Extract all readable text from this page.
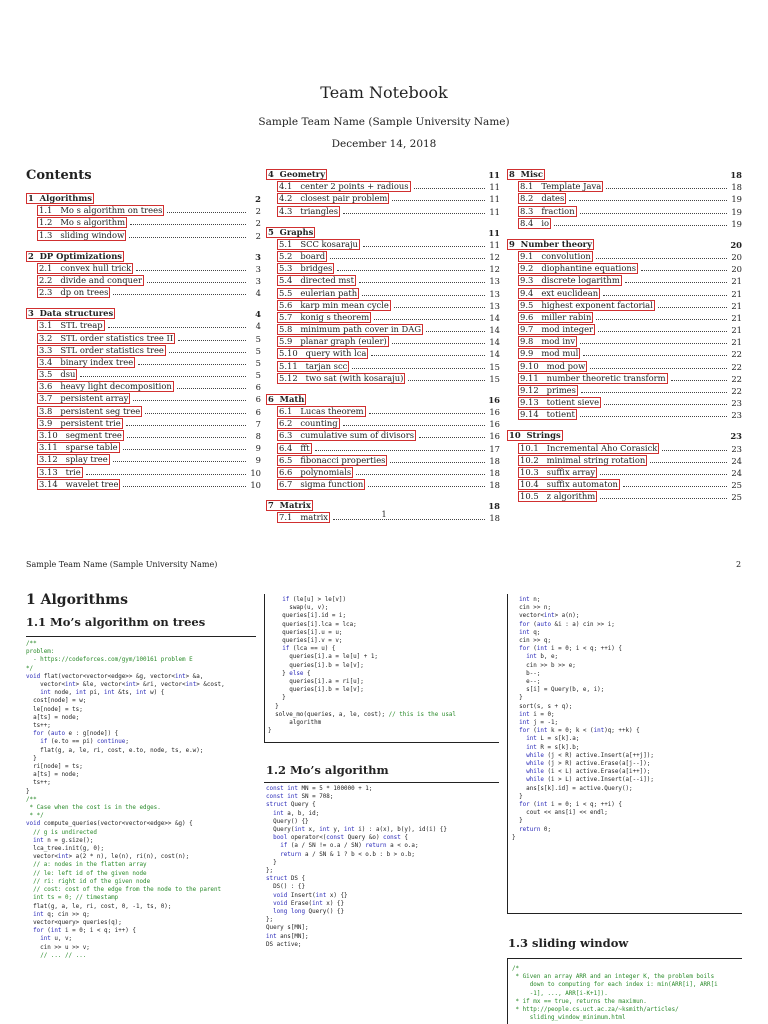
Team Notebook
Sample Team Name (Sample University Name)
December 14, 2018
Contents
1 Algorithms	2
1.1 Mo s algorithm on trees	2
1.2 Mo s algorithm	2
1.3 sliding window	2
2 DP Optimizations	3
2.1 convex hull trick	3
2.2 divide and conquer	3
2.3 dp on trees	4
3 Data structures	4
3.1 STL treap	4
3.2 STL order statistics tree II	5
3.3 STL order statistics tree	5
3.4 binary index tree	5
3.5 dsu	5
3.6 heavy light decomposition	6
3.7 persistent array	6
3.8 persistent seg tree	6
3.9 persistent trie	7
3.10 segment tree	8
3.11 sparse table	9
3.12 splay tree	9
3.13 trie	10
3.14 wavelet tree	10
4 Geometry	11
4.1 center 2 points + radious	11
4.2 closest pair problem	11
4.3 triangles	11
5 Graphs	11
5.1 SCC kosaraju	11
5.2 board	12
5.3 bridges	12
5.4 directed mst	13
5.5 eulerian path	13
5.6 karp min mean cycle	13
5.7 konig s theorem	14
5.8 minimum path cover in DAG	14
5.9 planar graph (euler)	14
5.10 query with lca	14
5.11 tarjan scc	15
5.12 two sat (with kosaraju)	15
6 Math	16
6.1 Lucas theorem	16
6.2 counting	16
6.3 cumulative sum of divisors	16
6.4 fft	17
6.5 fibonacci properties	18
6.6 polynomials	18
6.7 sigma function	18
7 Matrix	18
7.1 matrix	18
8 Misc	18
8.1 Template Java	18
8.2 dates	19
8.3 fraction	19
8.4 io	19
9 Number theory	20
9.1 convolution	20
9.2 diophantine equations	20
9.3 discrete logarithm	21
9.4 ext euclidean	21
9.5 highest exponent factorial	21
9.6 miller rabin	21
9.7 mod integer	21
9.8 mod inv	21
9.9 mod mul	22
9.10 mod pow	22
9.11 number theoretic transform	22
9.12 primes	22
9.13 totient sieve	23
9.14 totient	23
10 Strings	23
10.1 Incremental Aho Corasick	23
10.2 minimal string rotation	24
10.3 suffix array	24
10.4 suffix automaton	25
10.5 z algorithm	25
1
Sample Team Name (Sample University Name)	2
1 Algorithms
1.1 Mo’s algorithm on trees
/**
problem:
- https://codeforces.com/gym/100161 problem E
*/
void flat(vector<vector<edge>> &g, vector<int> &a,
vector<int> &le, vector<int> &ri, vector<int> &cost,
int node, int pi, int &ts, int w) {
cost[node] = w;
le[node] = ts;
a[ts] = node;
ts++;
for (auto e : g[node]) {
if (e.to == pi) continue;
flat(g, a, le, ri, cost, e.to, node, ts, e.w);
}
ri[node] = ts;
a[ts] = node;
ts++;
}
/**
* Case when the cost is in the edges.
* */
void compute_queries(vector<vector<edge>> &g) {
// g is undirected
int n = g.size();
lca_tree.init(g, 0);
vector<int> a(2 * n), le(n), ri(n), cost(n);
// a: nodes in the flatten array
// le: left id of the given node
// ri: right id of the given node
// cost: cost of the edge from the node to the parent
int ts = 0; // timestamp
flat(g, a, le, ri, cost, 0, -1, ts, 0);
int q; cin >> q;
vector<query> queries(q);
for (int i = 0; i < q; i++) {
int u, v;
cin >> u >> v;
// ... // ...
if (le[u] > le[v])
swap(u, v);
queries[i].id = i;
queries[i].lca = lca;
queries[i].u = u;
queries[i].v = v;
if (lca == u) {
queries[i].a = le[u] + 1;
queries[i].b = le[v];
} else {
queries[i].a = ri[u];
queries[i].b = le[v];
}
}
solve_mo(queries, a, le, cost); // this is the usal
algorithm
}
1.2 Mo’s algorithm
const int MN = 5 * 100000 + 1;
const int SN = 708;
struct Query {
int a, b, id;
Query() {}
Query(int x, int y, int i) : a(x), b(y), id(i) {}
bool operator<(const Query &o) const {
if (a / SN != o.a / SN) return a < o.a;
return a / SN & 1 ? b < o.b : b > o.b;
}
};
struct DS {
DS() : {}
void Insert(int x) {}
void Erase(int x) {}
long long Query() {}
};
Query s[MN];
int ans[MN];
DS active;
int n;
cin >> n;
vector<int> a(n);
for (auto &i : a) cin >> i;
int q;
cin >> q;
for (int i = 0; i < q; ++i) {
int b, e;
cin >> b >> e;
b--;
e--;
s[i] = Query(b, e, i);
}
sort(s, s + q);
int i = 0;
int j = -1;
for (int k = 0; k < (int)q; ++k) {
int L = s[k].a;
int R = s[k].b;
while (j < R) active.Insert(a[++j]);
while (j > R) active.Erase(a[j--]);
while (i < L) active.Erase(a[i++]);
while (i > L) active.Insert(a[--i]);
ans[s[k].id] = active.Query();
}
for (int i = 0; i < q; ++i) {
cout << ans[i] << endl;
}
return 0;
}
1.3 sliding window
/*
* Given an array ARR and an integer K, the problem boils
down to computing for each index i: min(ARR[i], ARR[i
-1], ..., ARR[i-K+1]).
* if mx == true, returns the maximun.
* http://people.cs.uct.ac.za/~ksmith/articles/
sliding_window_minimum.html
